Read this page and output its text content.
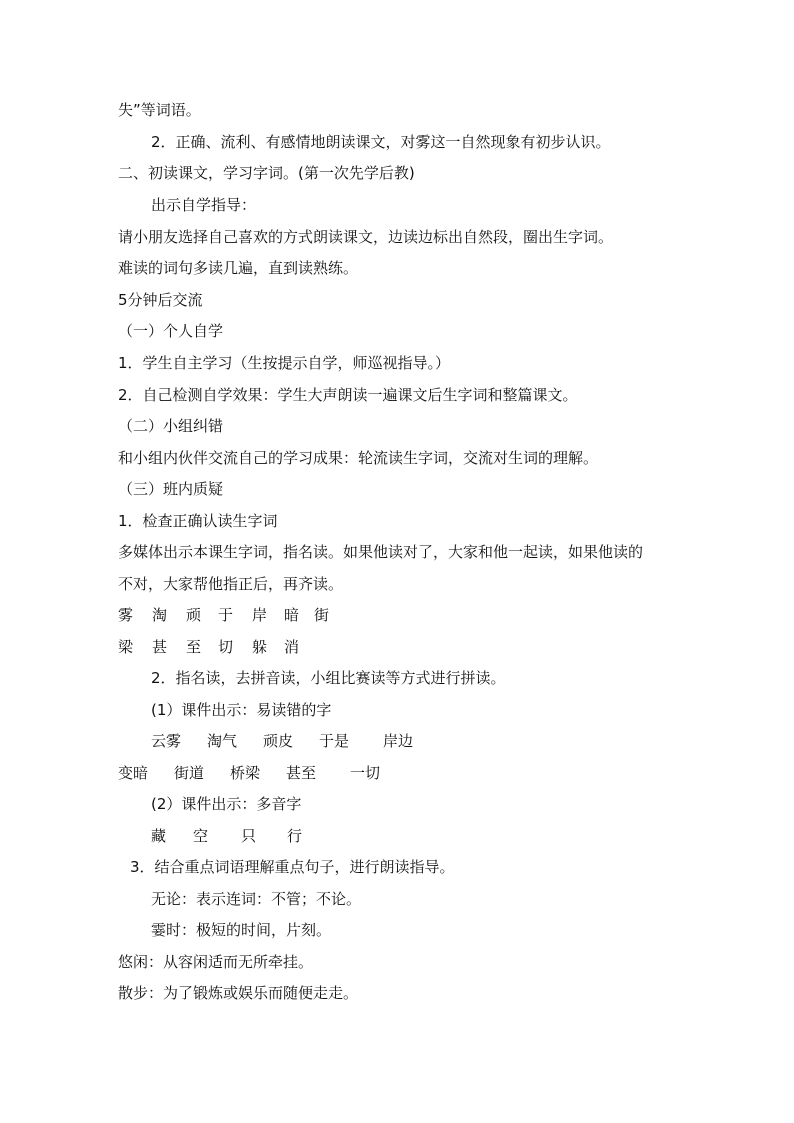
失”等词语。
2．正确、流利、有感情地朗读课文，对雾这一自然现象有初步认识。
二、初读课文，学习字词。(第一次先学后教)
出示自学指导：
请小朋友选择自己喜欢的方式朗读课文，边读边标出自然段，圈出生字词。
难读的词句多读几遍，直到读熟练。
5分钟后交流
（一）个人自学
1．学生自主学习（生按提示自学，师巡视指导。）
2．自己检测自学效果：学生大声朗读一遍课文后生字词和整篇课文。
（二）小组纠错
和小组内伙伴交流自己的学习成果：轮流读生字词，交流对生词的理解。
（三）班内质疑
1．检查正确认读生字词
多媒体出示本课生字词，指名读。如果他读对了，大家和他一起读，如果他读的
不对，大家帮他指正后，再齐读。
雾 淘 顽 于 岸 暗 街
梁 甚 至 切 躲 消
2．指名读，去拼音读，小组比赛读等方式进行拼读。
(1）课件出示：易读错的字
云雾 淘气 顽皮 于是 岸边
变暗 街道 桥梁 甚至 一切
(2）课件出示：多音字
藏 空 只 行
3．结合重点词语理解重点句子，进行朗读指导。
无论：表示连词：不管；不论。
霎时：极短的时间，片刻。
悠闲：从容闲适而无所牵挂。
散步：为了锻炼或娱乐而随便走走。
